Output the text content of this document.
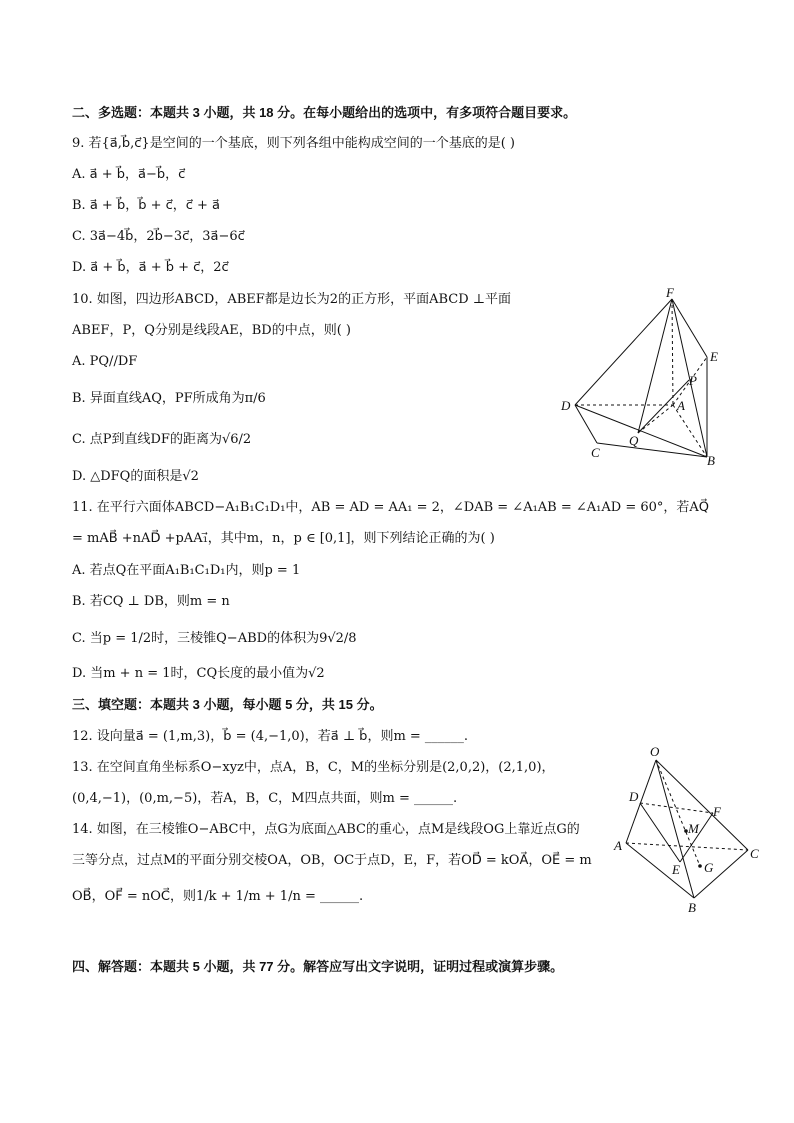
二、多选题：本题共 3 小题，共 18 分。在每小题给出的选项中，有多项符合题目要求。
9. 若{a⃗,b⃗,c⃗}是空间的一个基底，则下列各组中能构成空间的一个基底的是( )
A. a⃗ + b⃗，a⃗−b⃗，c⃗
B. a⃗ + b⃗，b⃗ + c⃗，c⃗ + a⃗
C. 3a⃗−4b⃗，2b⃗−3c⃗，3a⃗−6c⃗
D. a⃗ + b⃗，a⃗ + b⃗ + c⃗，2c⃗
10. 如图，四边形ABCD，ABEF都是边长为2的正方形，平面ABCD ⊥平面
ABEF，P，Q分别是线段AE，BD的中点，则( )
A. PQ//DF
B. 异面直线AQ，PF所成角为π/6
C. 点P到直线DF的距离为√6/2
D. △DFQ的面积是√2
F
E
P
D	A
Q
C
B
11. 在平行六面体ABCD−A₁B₁C₁D₁中，AB = AD = AA₁ = 2，∠DAB = ∠A₁AB = ∠A₁AD = 60°，若AQ⃗
= mAB⃗ +nAD⃗ +pAA₁⃗，其中m，n，p ∈ [0,1]，则下列结论正确的为( )
A. 若点Q在平面A₁B₁C₁D₁内，则p = 1
B. 若CQ ⊥ DB，则m = n
C. 当p = 1/2时，三棱锥Q−ABD的体积为9√2/8
D. 当m + n = 1时，CQ长度的最小值为√2
三、填空题：本题共 3 小题，每小题 5 分，共 15 分。
12. 设向量a⃗ = (1,m,3)，b⃗ = (4,−1,0)，若a⃗ ⊥ b⃗，则m = ______.
13. 在空间直角坐标系O−xyz中，点A，B，C，M的坐标分别是(2,0,2)，(2,1,0)，
(0,4,−1)，(0,m,−5)，若A，B，C，M四点共面，则m = ______.
14. 如图，在三棱锥O−ABC中，点G为底面△ABC的重心，点M是线段OG上靠近点G的
三等分点，过点M的平面分别交棱OA，OB，OC于点D，E，F，若OD⃗ = kOA⃗，OE⃗ = m
OB⃗，OF⃗ = nOC⃗，则1/k + 1/m + 1/n = ______.
O
D
F
M
A
C
E G
B
四、解答题：本题共 5 小题，共 77 分。解答应写出文字说明，证明过程或演算步骤。
